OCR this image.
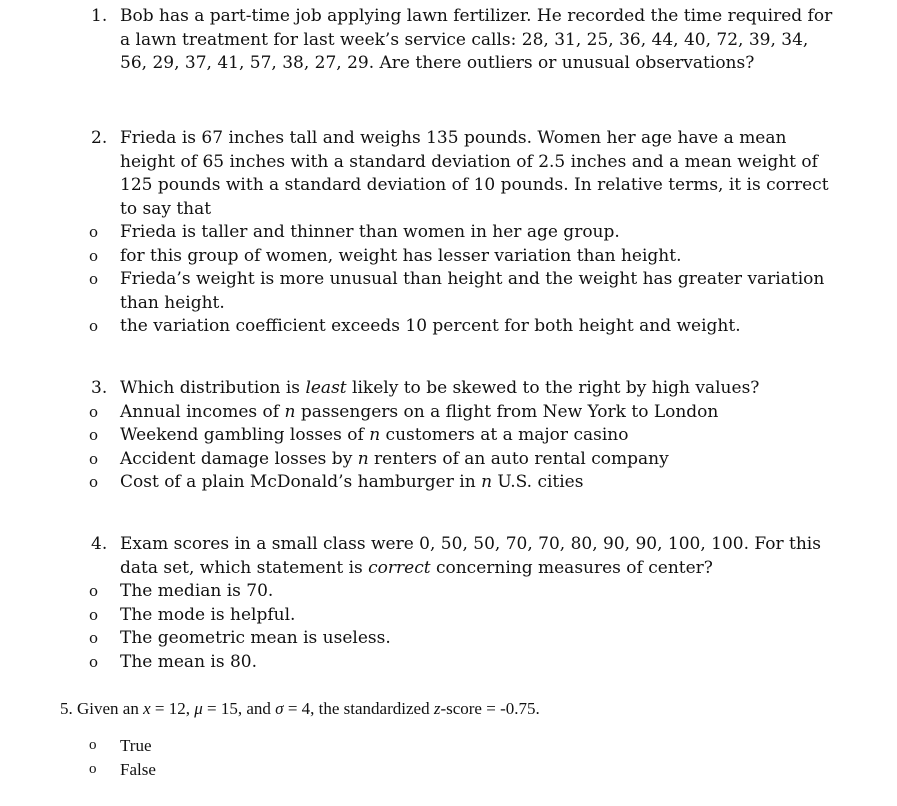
1. Bob has a part-time job applying lawn fertilizer. He recorded the time required for a lawn treatment for last week’s service calls: 28, 31, 25, 36, 44, 40, 72, 39, 34, 56, 29, 37, 41, 57, 38, 27, 29. Are there outliers or unusual observations?
2. Frieda is 67 inches tall and weighs 135 pounds. Women her age have a mean height of 65 inches with a standard deviation of 2.5 inches and a mean weight of 125 pounds with a standard deviation of 10 pounds. In relative terms, it is correct to say that
o Frieda is taller and thinner than women in her age group.
o for this group of women, weight has lesser variation than height.
o Frieda’s weight is more unusual than height and the weight has greater variation than height.
o the variation coefficient exceeds 10 percent for both height and weight.
3. Which distribution is least likely to be skewed to the right by high values?
o Annual incomes of n passengers on a flight from New York to London
o Weekend gambling losses of n customers at a major casino
o Accident damage losses by n renters of an auto rental company
o Cost of a plain McDonald’s hamburger in n U.S. cities
4. Exam scores in a small class were 0, 50, 50, 70, 70, 80, 90, 90, 100, 100. For this data set, which statement is correct concerning measures of center?
o The median is 70.
o The mode is helpful.
o The geometric mean is useless.
o The mean is 80.
5. Given an x = 12, μ = 15, and σ = 4, the standardized z-score = -0.75.
o True
o False
